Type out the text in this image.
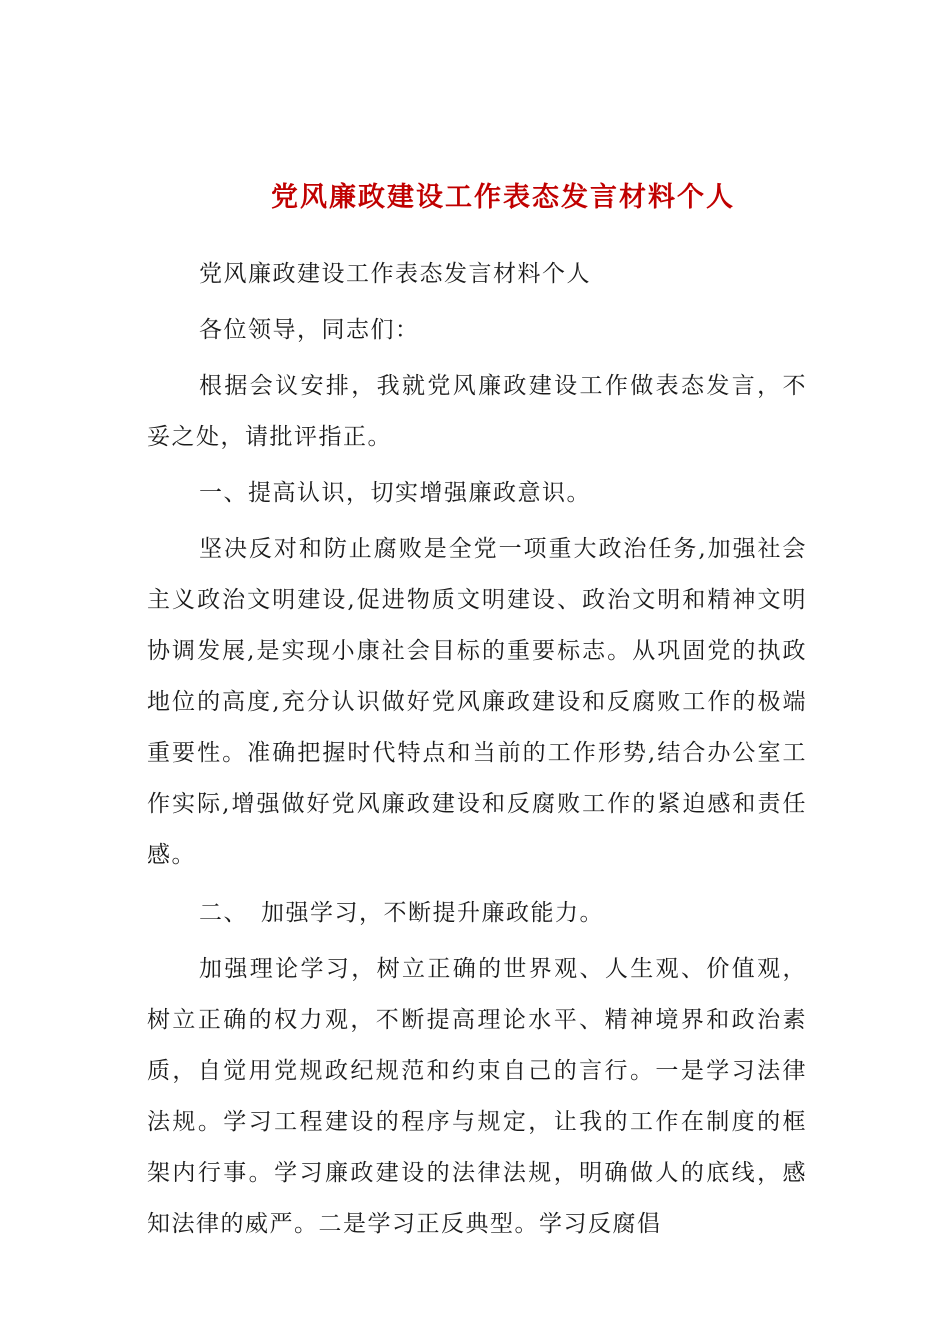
党风廉政建设工作表态发言材料个人

党风廉政建设工作表态发言材料个人

各位领导，同志们：

根据会议安排，我就党风廉政建设工作做表态发言，不妥之处，请批评指正。

一、提高认识，切实增强廉政意识。

坚决反对和防止腐败是全党一项重大政治任务,加强社会主义政治文明建设,促进物质文明建设、政治文明和精神文明协调发展,是实现小康社会目标的重要标志。从巩固党的执政地位的高度,充分认识做好党风廉政建设和反腐败工作的极端重要性。准确把握时代特点和当前的工作形势,结合办公室工作实际,增强做好党风廉政建设和反腐败工作的紧迫感和责任感。

二、　加强学习，不断提升廉政能力。

加强理论学习，树立正确的世界观、人生观、价值观，树立正确的权力观，不断提高理论水平、精神境界和政治素质，自觉用党规政纪规范和约束自己的言行。一是学习法律法规。学习工程建设的程序与规定，让我的工作在制度的框架内行事。学习廉政建设的法律法规，明确做人的底线，感知法律的威严。二是学习正反典型。学习反腐倡
